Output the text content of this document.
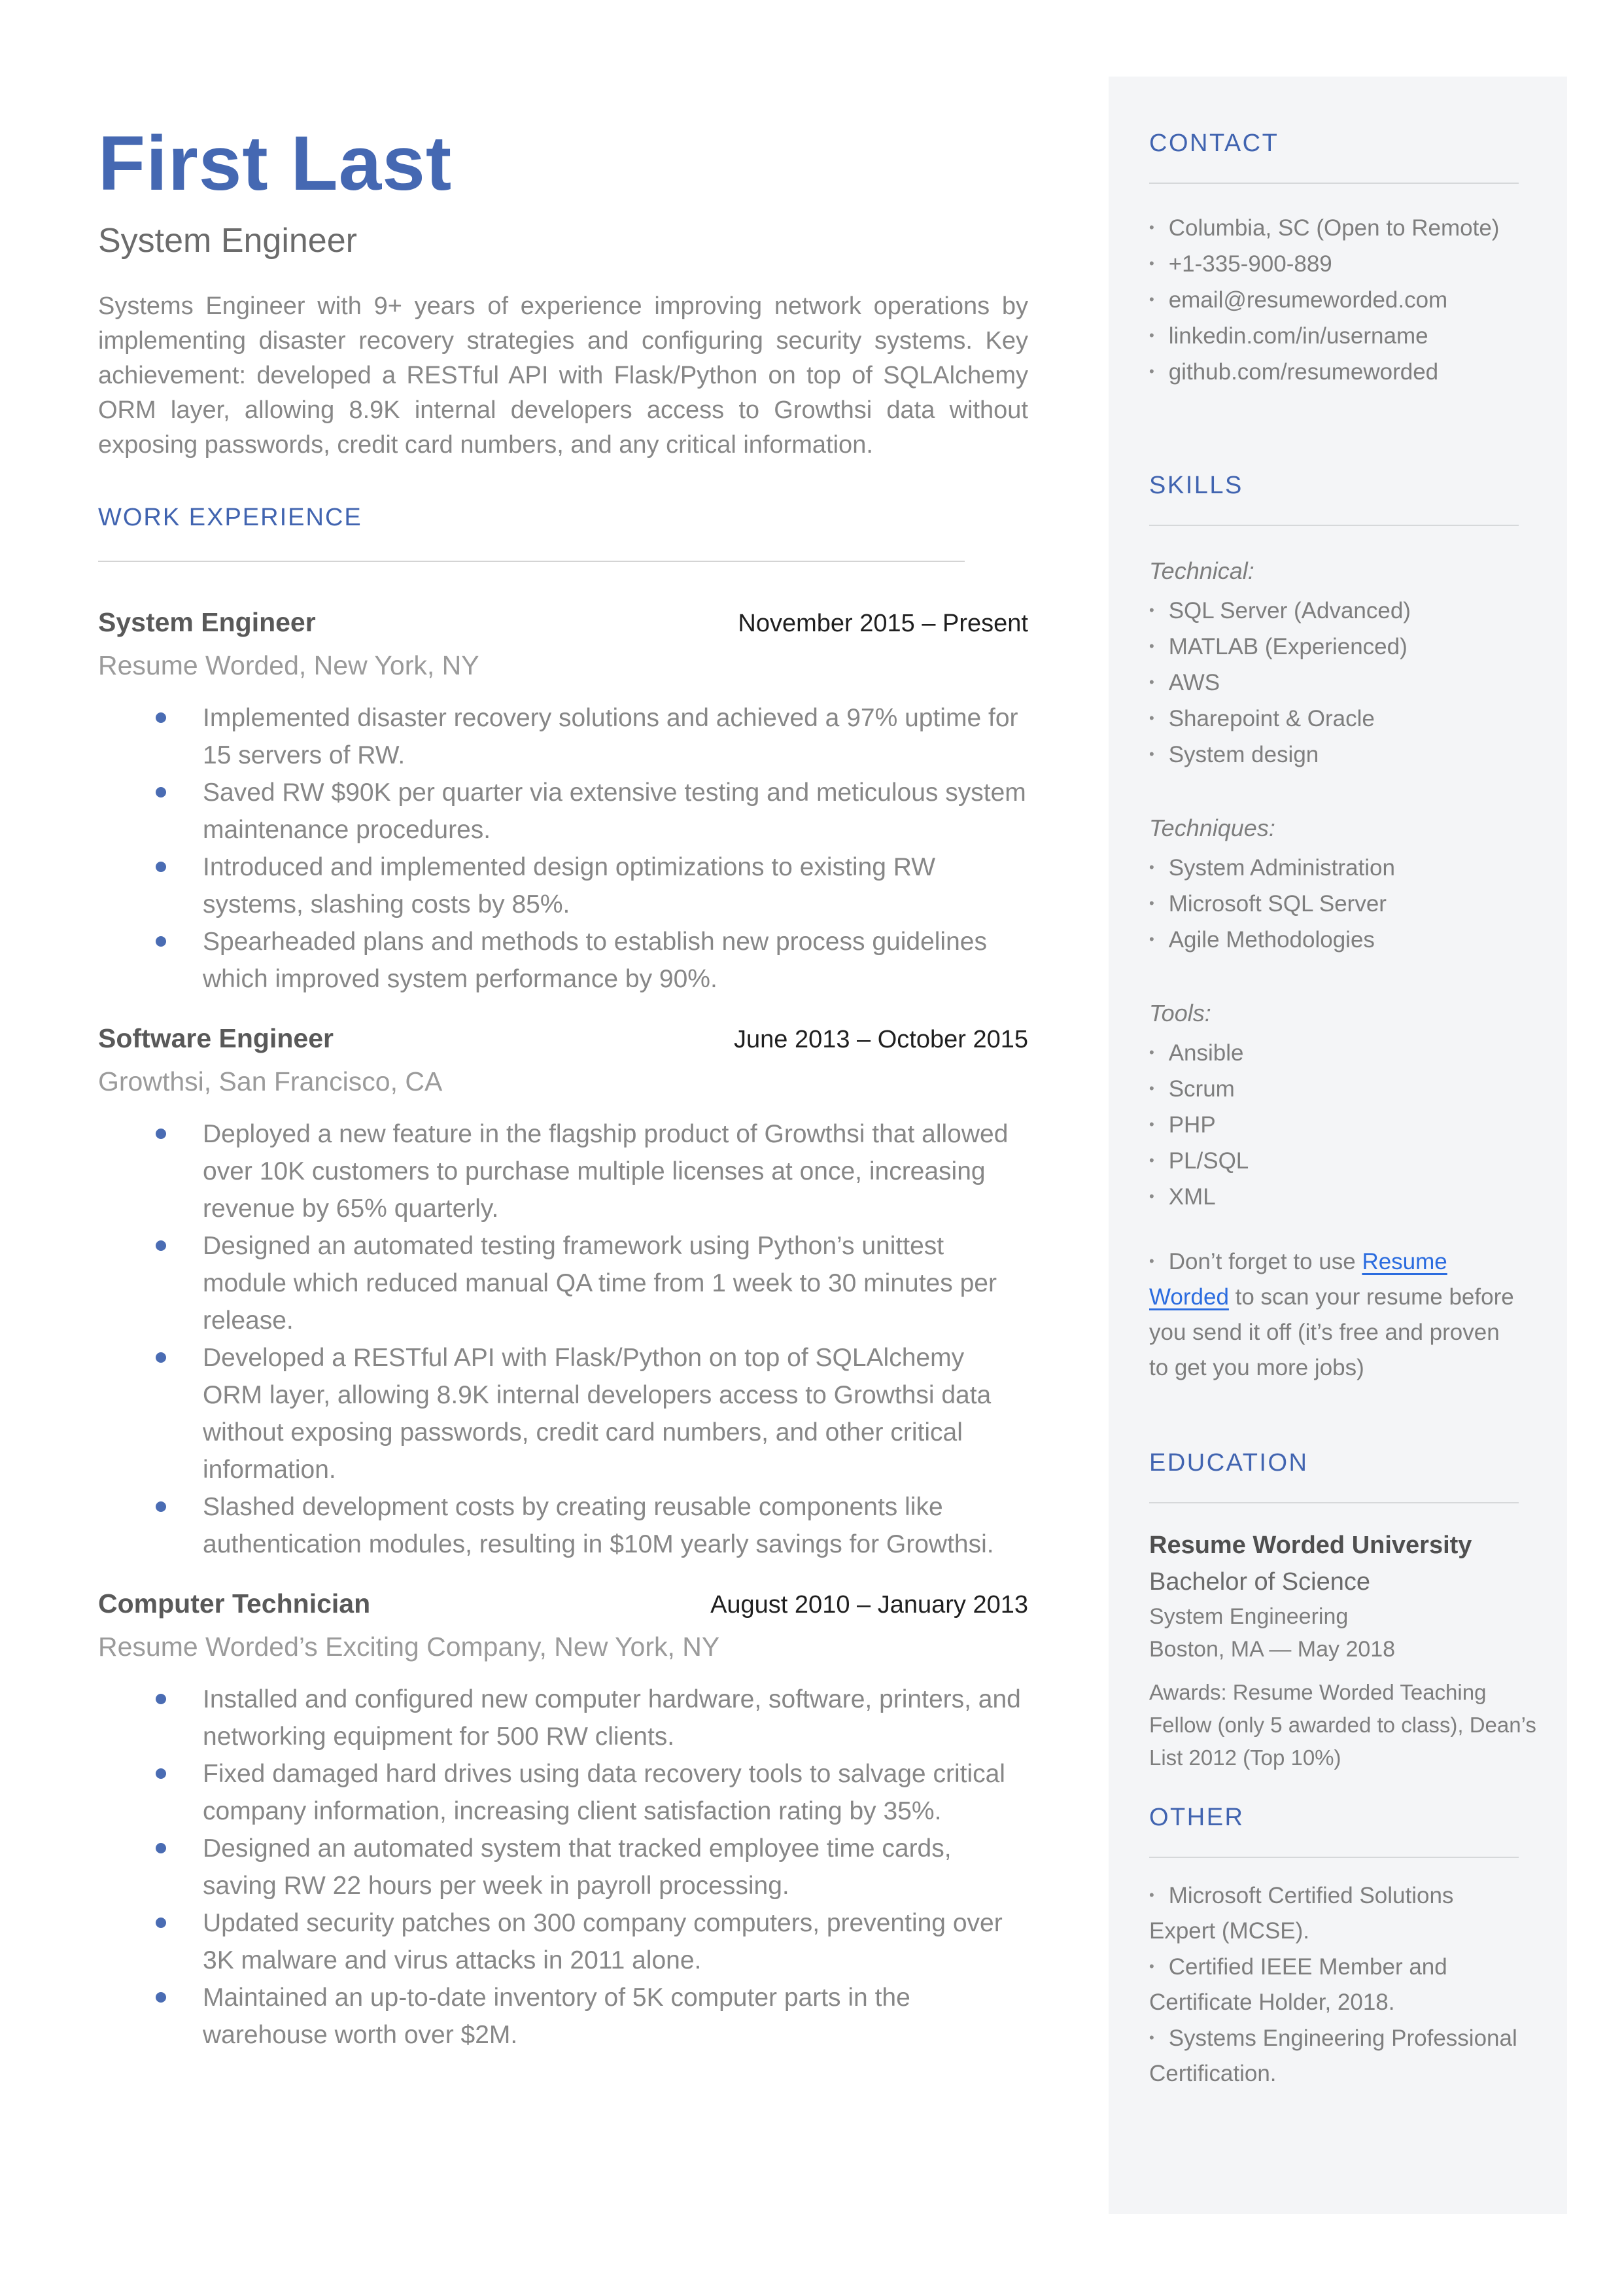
First Last
System Engineer

Systems Engineer with 9+ years of experience improving network operations by implementing disaster recovery strategies and configuring security systems. Key achievement: developed a RESTful API with Flask/Python on top of SQLAlchemy ORM layer, allowing 8.9K internal developers access to Growthsi data without exposing passwords, credit card numbers, and any critical information.

WORK EXPERIENCE
System Engineer	November 2015 – Present
Resume Worded, New York, NY
Implemented disaster recovery solutions and achieved a 97% uptime for 15 servers of RW.
Saved RW $90K per quarter via extensive testing and meticulous system maintenance procedures.
Introduced and implemented design optimizations to existing RW systems, slashing costs by 85%.
Spearheaded plans and methods to establish new process guidelines which improved system performance by 90%.
Software Engineer	June 2013 – October 2015
Growthsi, San Francisco, CA
Deployed a new feature in the flagship product of Growthsi that allowed over 10K customers to purchase multiple licenses at once, increasing revenue by 65% quarterly.
Designed an automated testing framework using Python’s unittest module which reduced manual QA time from 1 week to 30 minutes per release.
Developed a RESTful API with Flask/Python on top of SQLAlchemy ORM layer, allowing 8.9K internal developers access to Growthsi data without exposing passwords, credit card numbers, and other critical information.
Slashed development costs by creating reusable components like authentication modules, resulting in $10M yearly savings for Growthsi.
Computer Technician	August 2010 – January 2013
Resume Worded’s Exciting Company, New York, NY
Installed and configured new computer hardware, software, printers, and networking equipment for 500 RW clients.
Fixed damaged hard drives using data recovery tools to salvage critical company information, increasing client satisfaction rating by 35%.
Designed an automated system that tracked employee time cards, saving RW 22 hours per week in payroll processing.
Updated security patches on 300 company computers, preventing over 3K malware and virus attacks in 2011 alone.
Maintained an up-to-date inventory of 5K computer parts in the warehouse worth over $2M.
CONTACT
• Columbia, SC (Open to Remote)
• +1-335-900-889
• email@resumeworded.com
• linkedin.com/in/username
• github.com/resumeworded
SKILLS
Technical:
• SQL Server (Advanced)
• MATLAB (Experienced)
• AWS
• Sharepoint & Oracle
• System design
Techniques:
• System Administration
• Microsoft SQL Server
• Agile Methodologies
Tools:
• Ansible
• Scrum
• PHP
• PL/SQL
• XML
• Don’t forget to use Resume Worded to scan your resume before you send it off (it’s free and proven to get you more jobs)
EDUCATION
Resume Worded University
Bachelor of Science
System Engineering
Boston, MA — May 2018
Awards: Resume Worded Teaching Fellow (only 5 awarded to class), Dean’s List 2012 (Top 10%)
OTHER
• Microsoft Certified Solutions Expert (MCSE).
• Certified IEEE Member and Certificate Holder, 2018.
• Systems Engineering Professional Certification.
